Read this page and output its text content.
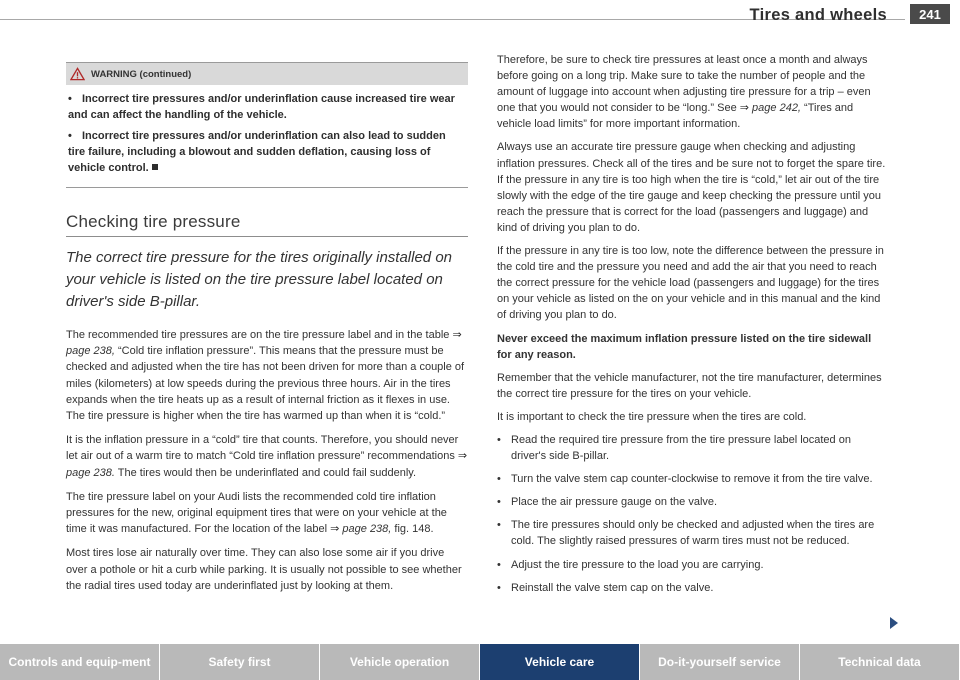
Tires and wheels	241
WARNING (continued)

• Incorrect tire pressures and/or underinflation cause increased tire wear and can affect the handling of the vehicle.

• Incorrect tire pressures and/or underinflation can also lead to sudden tire failure, including a blowout and sudden deflation, causing loss of vehicle control.

Checking tire pressure
The correct tire pressure for the tires originally installed on your vehicle is listed on the tire pressure label located on driver's side B-pillar.

The recommended tire pressures are on the tire pressure label and in the table ⇒ page 238, “Cold tire inflation pressure”. This means that the pressure must be checked and adjusted when the tire has not been driven for more than a couple of miles (kilometers) at low speeds during the previous three hours. Air in the tires expands when the tire heats up as a result of internal friction as it flexes in use. The tire pressure is higher when the tire has warmed up than when it is “cold.”

It is the inflation pressure in a “cold” tire that counts. Therefore, you should never let air out of a warm tire to match “Cold tire inflation pressure” recommendations ⇒ page 238. The tires would then be underinflated and could fail suddenly.

The tire pressure label on your Audi lists the recommended cold tire inflation pressures for the new, original equipment tires that were on your vehicle at the time it was manufactured. For the location of the label ⇒ page 238, fig. 148.

Most tires lose air naturally over time. They can also lose some air if you drive over a pothole or hit a curb while parking. It is usually not possible to see whether the radial tires used today are underinflated just by looking at them.

Therefore, be sure to check tire pressures at least once a month and always before going on a long trip. Make sure to take the number of people and the amount of luggage into account when adjusting tire pressure for a trip – even one that you would not consider to be “long.” See ⇒ page 242, “Tires and vehicle load limits” for more important information.

Always use an accurate tire pressure gauge when checking and adjusting inflation pressures. Check all of the tires and be sure not to forget the spare tire. If the pressure in any tire is too high when the tire is “cold,” let air out of the tire slowly with the edge of the tire gauge and keep checking the pressure until you reach the pressure that is correct for the load (passengers and luggage) and kind of driving you plan to do.

If the pressure in any tire is too low, note the difference between the pressure in the cold tire and the pressure you need and add the air that you need to reach the correct pressure for the vehicle load (passengers and luggage) for the tires on your vehicle as listed on the on your vehicle and in this manual and the kind of driving you plan to do.

Never exceed the maximum inflation pressure listed on the tire sidewall for any reason.

Remember that the vehicle manufacturer, not the tire manufacturer, determines the correct tire pressure for the tires on your vehicle.

It is important to check the tire pressure when the tires are cold.

• Read the required tire pressure from the tire pressure label located on driver's side B-pillar.

• Turn the valve stem cap counter-clockwise to remove it from the tire valve.

• Place the air pressure gauge on the valve.

• The tire pressures should only be checked and adjusted when the tires are cold. The slightly raised pressures of warm tires must not be reduced.

• Adjust the tire pressure to the load you are carrying.

• Reinstall the valve stem cap on the valve.

Controls and equip-ment	Safety first	Vehicle operation	Vehicle care	Do-it-yourself service	Technical data
